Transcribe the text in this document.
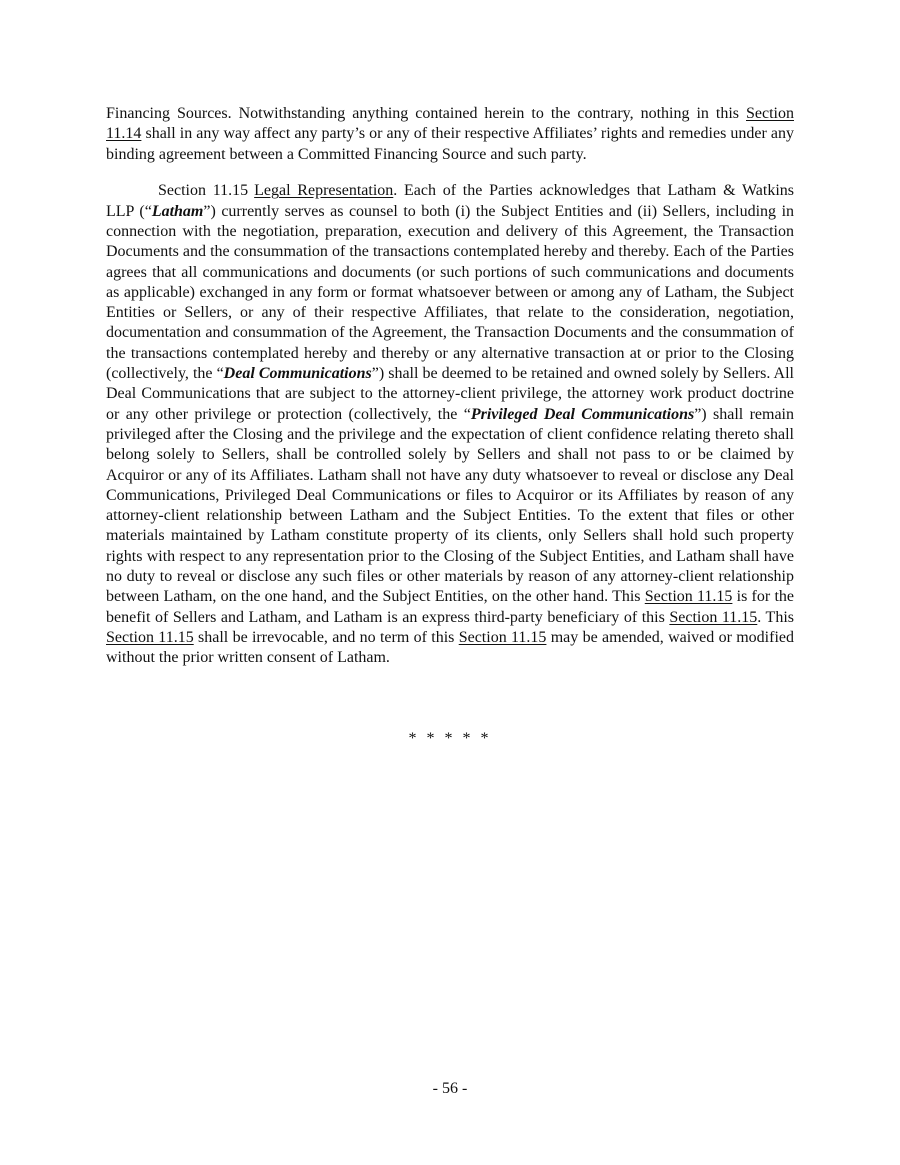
Financing Sources. Notwithstanding anything contained herein to the contrary, nothing in this Section 11.14 shall in any way affect any party’s or any of their respective Affiliates’ rights and remedies under any binding agreement between a Committed Financing Source and such party.

Section 11.15 Legal Representation. Each of the Parties acknowledges that Latham & Watkins LLP (“Latham”) currently serves as counsel to both (i) the Subject Entities and (ii) Sellers, including in connection with the negotiation, preparation, execution and delivery of this Agreement, the Transaction Documents and the consummation of the transactions contemplated hereby and thereby. Each of the Parties agrees that all communications and documents (or such portions of such communications and documents as applicable) exchanged in any form or format whatsoever between or among any of Latham, the Subject Entities or Sellers, or any of their respective Affiliates, that relate to the consideration, negotiation, documentation and consummation of the Agreement, the Transaction Documents and the consummation of the transactions contemplated hereby and thereby or any alternative transaction at or prior to the Closing (collectively, the “Deal Communications”) shall be deemed to be retained and owned solely by Sellers. All Deal Communications that are subject to the attorney-client privilege, the attorney work product doctrine or any other privilege or protection (collectively, the “Privileged Deal Communications”) shall remain privileged after the Closing and the privilege and the expectation of client confidence relating thereto shall belong solely to Sellers, shall be controlled solely by Sellers and shall not pass to or be claimed by Acquiror or any of its Affiliates. Latham shall not have any duty whatsoever to reveal or disclose any Deal Communications, Privileged Deal Communications or files to Acquiror or its Affiliates by reason of any attorney-client relationship between Latham and the Subject Entities. To the extent that files or other materials maintained by Latham constitute property of its clients, only Sellers shall hold such property rights with respect to any representation prior to the Closing of the Subject Entities, and Latham shall have no duty to reveal or disclose any such files or other materials by reason of any attorney-client relationship between Latham, on the one hand, and the Subject Entities, on the other hand. This Section 11.15 is for the benefit of Sellers and Latham, and Latham is an express third-party beneficiary of this Section 11.15. This Section 11.15 shall be irrevocable, and no term of this Section 11.15 may be amended, waived or modified without the prior written consent of Latham.

* * * * *
- 56 -
